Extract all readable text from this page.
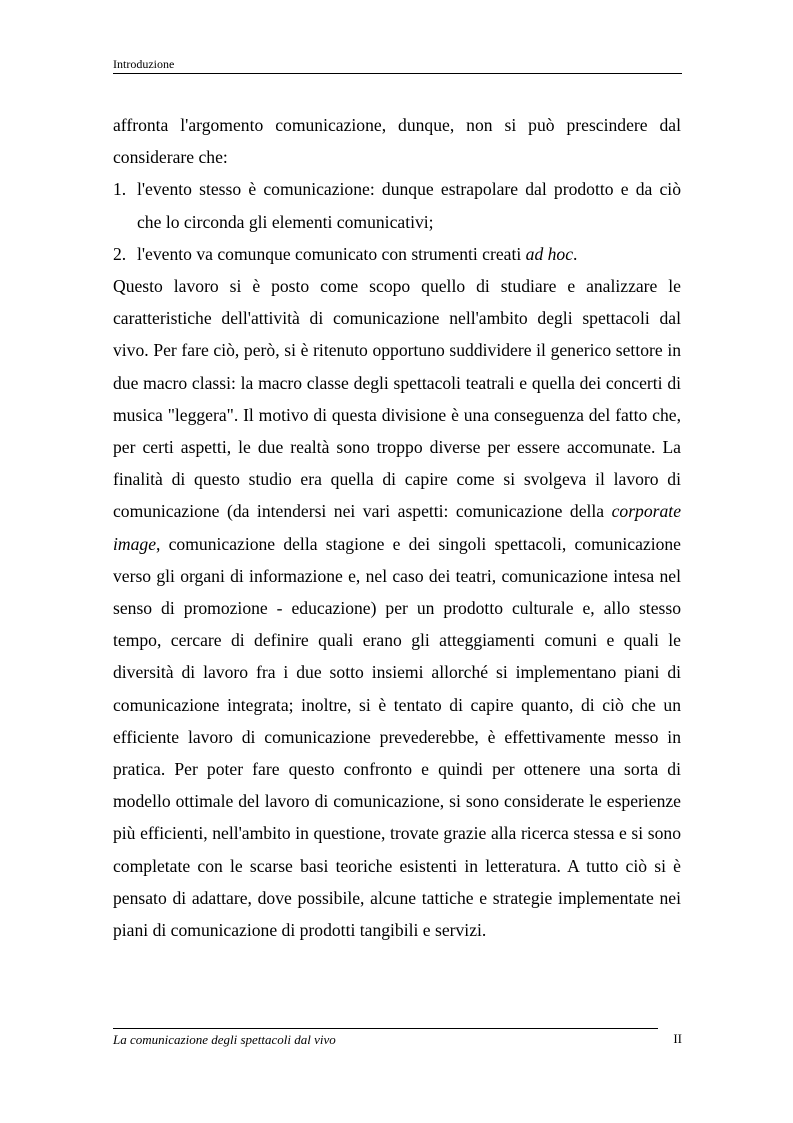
Introduzione

affronta l'argomento comunicazione, dunque, non si può prescindere dal considerare che:

1. l'evento stesso è comunicazione: dunque estrapolare dal prodotto e da ciò che lo circonda gli elementi comunicativi;
2. l'evento va comunque comunicato con strumenti creati ad hoc.

Questo lavoro si è posto come scopo quello di studiare e analizzare le caratteristiche dell'attività di comunicazione nell'ambito degli spettacoli dal vivo. Per fare ciò, però, si è ritenuto opportuno suddividere il generico settore in due macro classi: la macro classe degli spettacoli teatrali e quella dei concerti di musica "leggera". Il motivo di questa divisione è una conseguenza del fatto che, per certi aspetti, le due realtà sono troppo diverse per essere accomunate. La finalità di questo studio era quella di capire come si svolgeva il lavoro di comunicazione (da intendersi nei vari aspetti: comunicazione della corporate image, comunicazione della stagione e dei singoli spettacoli, comunicazione verso gli organi di informazione e, nel caso dei teatri, comunicazione intesa nel senso di promozione - educazione) per un prodotto culturale e, allo stesso tempo, cercare di definire quali erano gli atteggiamenti comuni e quali le diversità di lavoro fra i due sotto insiemi allorché si implementano piani di comunicazione integrata; inoltre, si è tentato di capire quanto, di ciò che un efficiente lavoro di comunicazione prevederebbe, è effettivamente messo in pratica. Per poter fare questo confronto e quindi per ottenere una sorta di modello ottimale del lavoro di comunicazione, si sono considerate le esperienze più efficienti, nell'ambito in questione, trovate grazie alla ricerca stessa e si sono completate con le scarse basi teoriche esistenti in letteratura. A tutto ciò si è pensato di adattare, dove possibile, alcune tattiche e strategie implementate nei piani di comunicazione di prodotti tangibili e servizi.

La comunicazione degli spettacoli dal vivo	II
